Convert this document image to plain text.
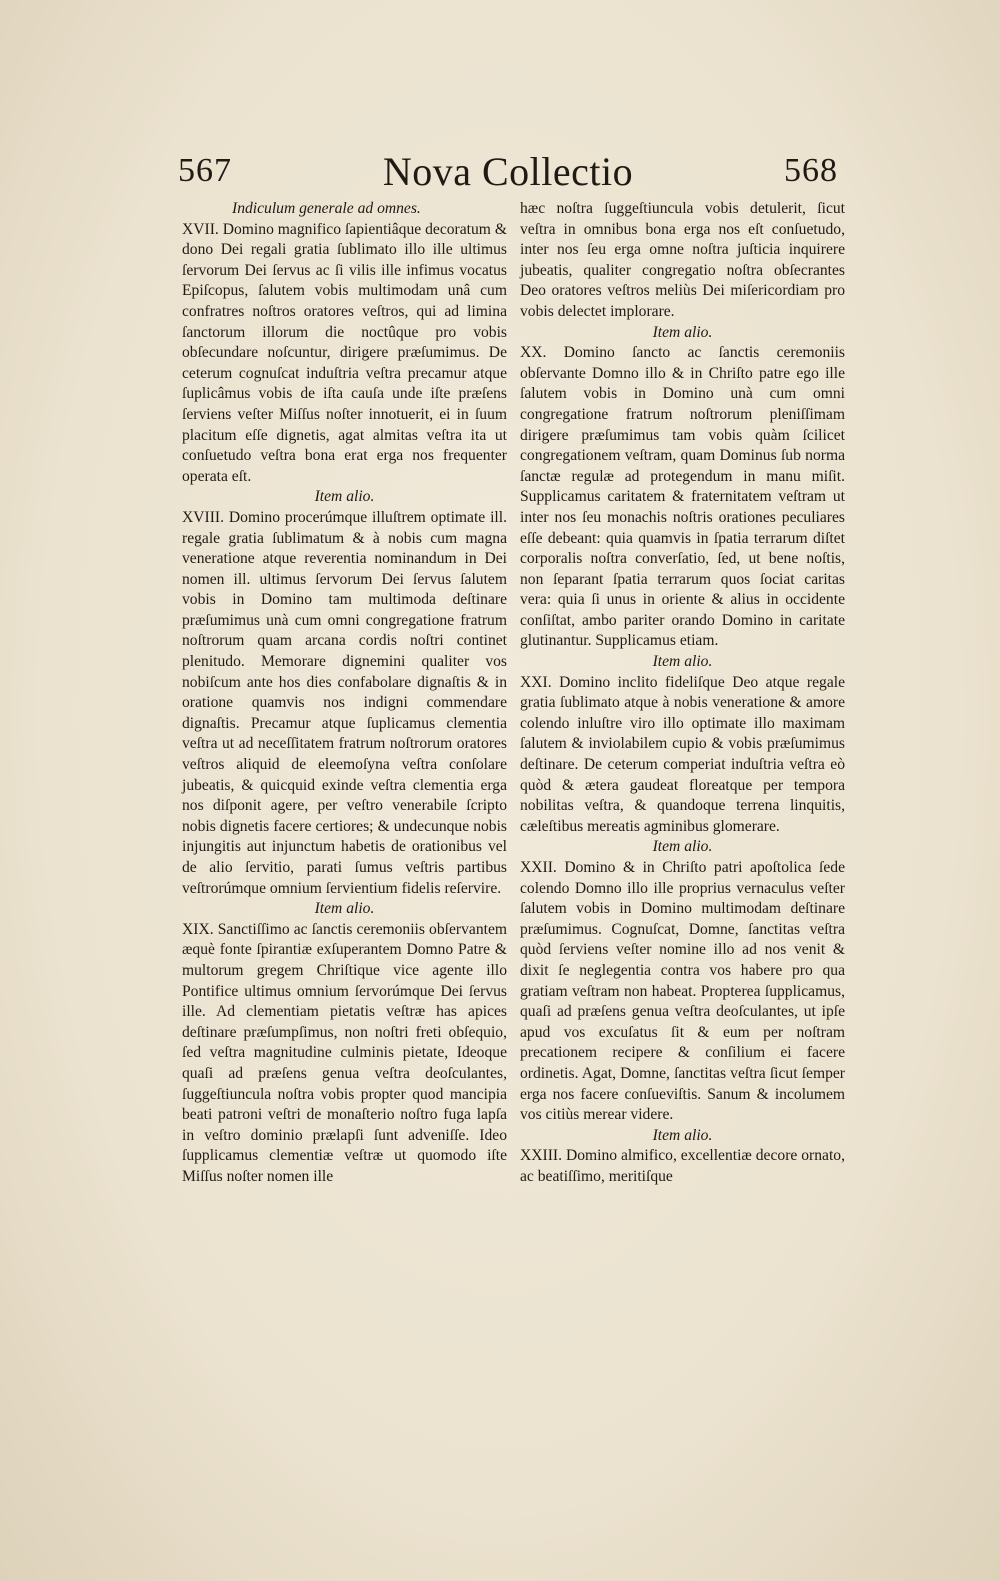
567	Nova Collectio	568

Indiculum generale ad omnes.

XVII. Domino magnifico ſapientiâque decoratum & dono Dei regali gratia ſublimato illo ille ultimus ſervorum Dei ſervus ac ſi vilis ille infimus vocatus Epiſcopus, ſalutem vobis multimodam unâ cum confratres noſtros oratores veſtros, qui ad limina ſanctorum illorum die noctûque pro vobis obſecundare noſcuntur, dirigere præſumimus. De ceterum cognuſcat induſtria veſtra precamur atque ſuplicâmus vobis de iſta cauſa unde iſte præſens ſerviens veſter Miſſus noſter innotuerit, ei in ſuum placitum eſſe dignetis, agat almitas veſtra ita ut conſuetudo veſtra bona erat erga nos frequenter operata eſt.

Item alio.

XVIII. Domino procerúmque illuſtrem optimate ill. regale gratia ſublimatum & à nobis cum magna veneratione atque reverentia nominandum in Dei nomen ill. ultimus ſervorum Dei ſervus ſalutem vobis in Domino tam multimoda deſtinare præſumimus unà cum omni congregatione fratrum noſtrorum quam arcana cordis noſtri continet plenitudo. Memorare dignemini qualiter vos nobiſcum ante hos dies confabolare dignaſtis & in oratione quamvis nos indigni commendare dignaſtis. Precamur atque ſuplicamus clementia veſtra ut ad neceſſitatem fratrum noſtrorum oratores veſtros aliquid de eleemoſyna veſtra conſolare jubeatis, & quicquid exinde veſtra clementia erga nos diſponit agere, per veſtro venerabile ſcripto nobis dignetis facere certiores; & undecunque nobis injungitis aut injunctum habetis de orationibus vel de alio ſervitio, parati ſumus veſtris partibus veſtrorúmque omnium ſervientium fidelis reſervire.

Item alio.

XIX. Sanctiſſimo ac ſanctis ceremoniis obſervantem æquè fonte ſpirantiæ exſuperantem Domno Patre & multorum gregem Chriſtique vice agente illo Pontifice ultimus omnium ſervorúmque Dei ſervus ille. Ad clementiam pietatis veſtræ has apices deſtinare præſumpſimus, non noſtri freti obſequio, ſed veſtra magnitudine culminis pietate, Ideoque quaſi ad præſens genua veſtra deoſculantes, ſuggeſtiuncula noſtra vobis propter quod mancipia beati patroni veſtri de monaſterio noſtro fuga lapſa in veſtro dominio prælapſi ſunt adveniſſe. Ideo ſupplicamus clementiæ veſtræ ut quomodo iſte Miſſus noſter nomen ille

hæc noſtra ſuggeſtiuncula vobis detulerit, ſicut veſtra in omnibus bona erga nos eſt conſuetudo, inter nos ſeu erga omne noſtra juſticia inquirere jubeatis, qualiter congregatio noſtra obſecrantes Deo oratores veſtros meliùs Dei miſericordiam pro vobis delectet implorare.

Item alio.

XX. Domino ſancto ac ſanctis ceremoniis obſervante Domno illo & in Chriſto patre ego ille ſalutem vobis in Domino unà cum omni congregatione fratrum noſtrorum pleniſſimam dirigere præſumimus tam vobis quàm ſcilicet congregationem veſtram, quam Dominus ſub norma ſanctæ regulæ ad protegendum in manu miſit. Supplicamus caritatem & fraternitatem veſtram ut inter nos ſeu monachis noſtris orationes peculiares eſſe debeant: quia quamvis in ſpatia terrarum diſtet corporalis noſtra converſatio, ſed, ut bene noſtis, non ſeparant ſpatia terrarum quos ſociat caritas vera: quia ſi unus in oriente & alius in occidente conſiſtat, ambo pariter orando Domino in caritate glutinantur. Supplicamus etiam.

Item alio.

XXI. Domino inclito fideliſque Deo atque regale gratia ſublimato atque à nobis veneratione & amore colendo inluſtre viro illo optimate illo maximam ſalutem & inviolabilem cupio & vobis præſumimus deſtinare. De ceterum comperiat induſtria veſtra eò quòd & ætera gaudeat floreatque per tempora nobilitas veſtra, & quandoque terrena linquitis, cæleſtibus mereatis agminibus glomerare.

Item alio.

XXII. Domino & in Chriſto patri apoſtolica ſede colendo Domno illo ille proprius vernaculus veſter ſalutem vobis in Domino multimodam deſtinare præſumimus. Cognuſcat, Domne, ſanctitas veſtra quòd ſerviens veſter nomine illo ad nos venit & dixit ſe neglegentia contra vos habere pro qua gratiam veſtram non habeat. Propterea ſupplicamus, quaſi ad præſens genua veſtra deoſculantes, ut ipſe apud vos excuſatus ſit & eum per noſtram precationem recipere & conſilium ei facere ordinetis. Agat, Domne, ſanctitas veſtra ſicut ſemper erga nos facere conſueviſtis. Sanum & incolumem vos citiùs merear videre.

Item alio.

XXIII. Domino almifico, excellentiæ decore ornato, ac beatiſſimo, meritiſque
